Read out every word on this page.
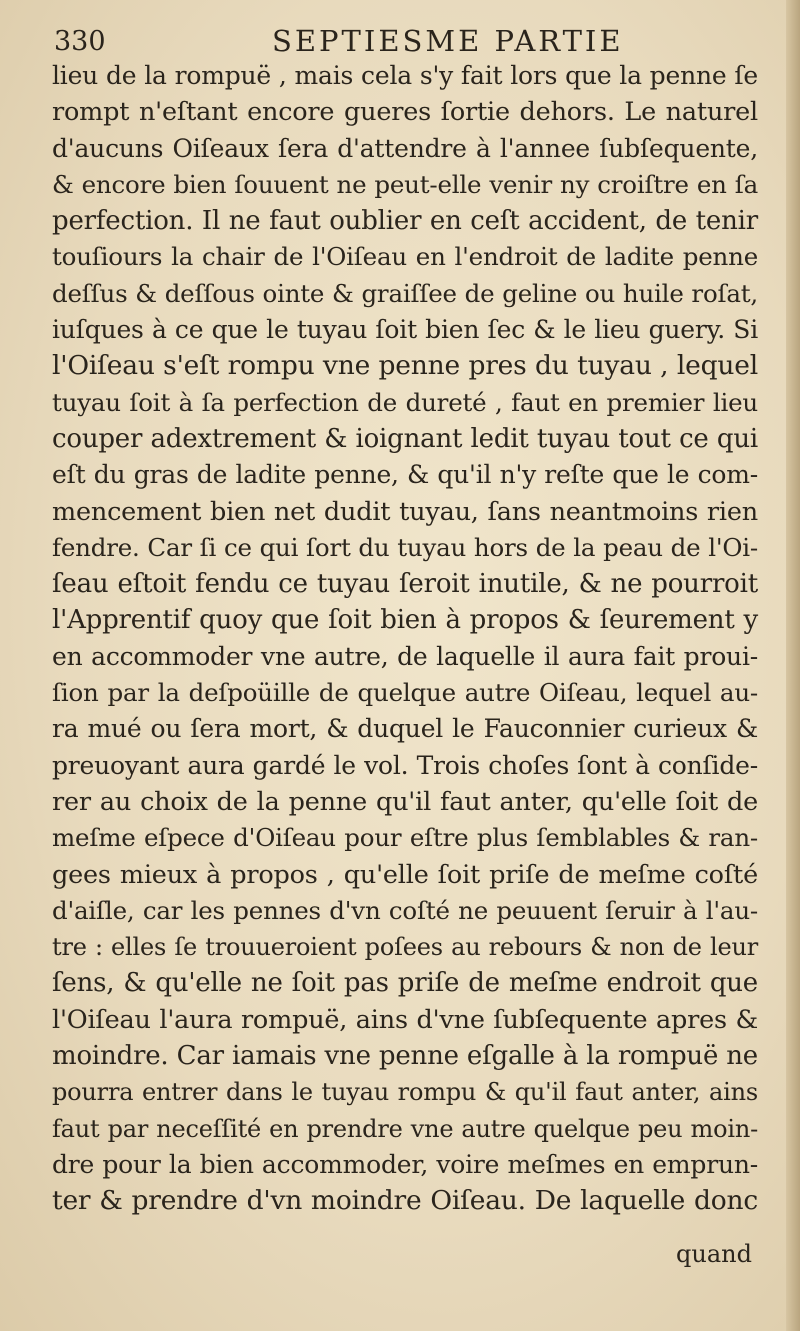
330	SEPTIESME PARTIE
lieu de la rompuë , mais cela s'y fait lors que la penne ſe
rompt n'eſtant encore gueres ſortie dehors. Le naturel
d'aucuns Oiſeaux ſera d'attendre à l'annee ſubſequente,
& encore bien ſouuent ne peut-elle venir ny croiſtre en ſa
perfection. Il ne faut oublier en ceſt accident, de tenir
touſiours la chair de l'Oiſeau en l'endroit de ladite penne
deſſus & deſſous ointe & graiſſee de geline ou huile roſat,
iuſques à ce que le tuyau ſoit bien ſec & le lieu guery. Si
l'Oiſeau s'eſt rompu vne penne pres du tuyau , lequel
tuyau ſoit à ſa perfection de dureté , faut en premier lieu
couper adextrement & ioignant ledit tuyau tout ce qui
eſt du gras de ladite penne, & qu'il n'y reſte que le com-
mencement bien net dudit tuyau, ſans neantmoins rien
fendre. Car ſi ce qui ſort du tuyau hors de la peau de l'Oi-
ſeau eſtoit fendu ce tuyau ſeroit inutile, & ne pourroit
l'Apprentif quoy que ſoit bien à propos & ſeurement y
en accommoder vne autre, de laquelle il aura fait proui-
ſion par la deſpoüille de quelque autre Oiſeau, lequel au-
ra mué ou ſera mort, & duquel le Fauconnier curieux &
preuoyant aura gardé le vol. Trois choſes ſont à conſide-
rer au choix de la penne qu'il faut anter, qu'elle ſoit de
meſme eſpece d'Oiſeau pour eſtre plus ſemblables & ran-
gees mieux à propos , qu'elle ſoit priſe de meſme coſté
d'aiſle, car les pennes d'vn coſté ne peuuent ſeruir à l'au-
tre : elles ſe trouueroient poſees au rebours & non de leur
ſens, & qu'elle ne ſoit pas priſe de meſme endroit que
l'Oiſeau l'aura rompuë, ains d'vne ſubſequente apres &
moindre. Car iamais vne penne eſgalle à la rompuë ne
pourra entrer dans le tuyau rompu & qu'il faut anter, ains
faut par neceſſité en prendre vne autre quelque peu moin-
dre pour la bien accommoder, voire meſmes en emprun-
ter & prendre d'vn moindre Oiſeau. De laquelle donc
quand
